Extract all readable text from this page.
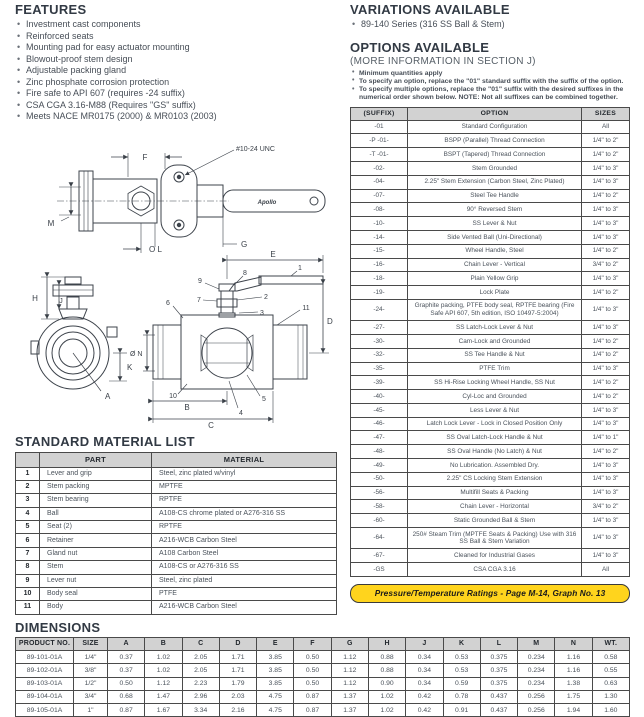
FEATURES
• Investment cast components
• Reinforced seats
• Mounting pad for easy actuator mounting
• Blowout-proof stem design
• Adjustable packing gland
• Zinc phosphate corrosion protection
• Fire safe to API 607 (requires -24 suffix)
• CSA CGA 3.16-M88 (Requires "GS" suffix)
• Meets NACE MR0175 (2000) & MR0103 (2003)
F
#10-24 UNC
M
O L
G
Apollo
H	J
K
A
E
D
Ø N
B
C
9
8
1
7	2
3
6
11
10
4
5
STANDARD MATERIAL LIST
	PART	MATERIAL
1	Lever and grip	Steel, zinc plated w/vinyl
2	Stem packing	MPTFE
3	Stem bearing	RPTFE
4	Ball	A108-CS chrome plated or A276-316 SS
5	Seat (2)	RPTFE
6	Retainer	A216-WCB Carbon Steel
7	Gland nut	A108 Carbon Steel
8	Stem	A108-CS or A276-316 SS
9	Lever nut	Steel, zinc plated
10	Body seal	PTFE
11	Body	A216-WCB Carbon Steel
VARIATIONS AVAILABLE
• 89-140 Series (316 SS Ball & Stem)
OPTIONS AVAILABLE
(MORE INFORMATION IN SECTION J)
• Minimum quantities apply
• To specify an option, replace the "01" standard suffix with the suffix of the option.
• To specify multiple options, replace the "01" suffix with the desired suffixes in the numerical order shown below. NOTE: Not all suffixes can be combined together.
(SUFFIX)	OPTION	SIZES
-01	Standard Configuration	All
-P -01-	BSPP (Parallel) Thread Connection	1/4" to 2"
-T -01-	BSPT (Tapered) Thread Connection	1/4" to 2"
-02-	Stem Grounded	1/4" to 3"
-04-	2.25" Stem Extension (Carbon Steel, Zinc Plated)	1/4" to 3"
-07-	Steel Tee Handle	1/4" to 2"
-08-	90° Reversed Stem	1/4" to 3"
-10-	SS Lever & Nut	1/4" to 3"
-14-	Side Vented Ball (Uni-Directional)	1/4" to 3"
-15-	Wheel Handle, Steel	1/4" to 2"
-16-	Chain Lever - Vertical	3/4" to 2"
-18-	Plain Yellow Grip	1/4" to 3"
-19-	Lock Plate	1/4" to 2"
-24-	Graphite packing, PTFE body seal, RPTFE bearing (Fire Safe API 607, 5th edition, ISO 10497-5:2004)	1/4" to 3"
-27-	SS Latch-Lock Lever & Nut	1/4" to 3"
-30-	Cam-Lock and Grounded	1/4" to 2"
-32-	SS Tee Handle & Nut	1/4" to 2"
-35-	PTFE Trim	1/4" to 3"
-39-	SS Hi-Rise Locking Wheel Handle, SS Nut	1/4" to 2"
-40-	Cyl-Loc and Grounded	1/4" to 2"
-45-	Less Lever & Nut	1/4" to 3"
-46-	Latch Lock Lever - Lock in Closed Position Only	1/4" to 3"
-47-	SS Oval Latch-Lock Handle & Nut	1/4" to 1"
-48-	SS Oval Handle (No Latch) & Nut	1/4" to 2"
-49-	No Lubrication. Assembled Dry.	1/4" to 3"
-50-	2.25" CS Locking Stem Extension	1/4" to 3"
-56-	Multifill Seats & Packing	1/4" to 3"
-58-	Chain Lever - Horizontal	3/4" to 2"
-60-	Static Grounded Ball & Stem	1/4" to 3"
-64-	250# Steam Trim (MPTFE Seats & Packing) Use with 316 SS Ball & Stem Variation	1/4" to 3"
-67-	Cleaned for Industrial Gases	1/4" to 3"
-GS	CSA CGA 3.16	All
Pressure/Temperature Ratings - Page M-14, Graph No. 13
DIMENSIONS
PRODUCT NO.	SIZE	A	B	C	D	E	F	G	H	J	K	L	M	N	WT.
89-101-01A	1/4"	0.37	1.02	2.05	1.71	3.85	0.50	1.12	0.88	0.34	0.53	0.375	0.234	1.16	0.58
89-102-01A	3/8"	0.37	1.02	2.05	1.71	3.85	0.50	1.12	0.88	0.34	0.53	0.375	0.234	1.16	0.55
89-103-01A	1/2"	0.50	1.12	2.23	1.79	3.85	0.50	1.12	0.90	0.34	0.59	0.375	0.234	1.38	0.63
89-104-01A	3/4"	0.68	1.47	2.96	2.03	4.75	0.87	1.37	1.02	0.42	0.78	0.437	0.256	1.75	1.30
89-105-01A	1"	0.87	1.67	3.34	2.16	4.75	0.87	1.37	1.02	0.42	0.91	0.437	0.256	1.94	1.60
